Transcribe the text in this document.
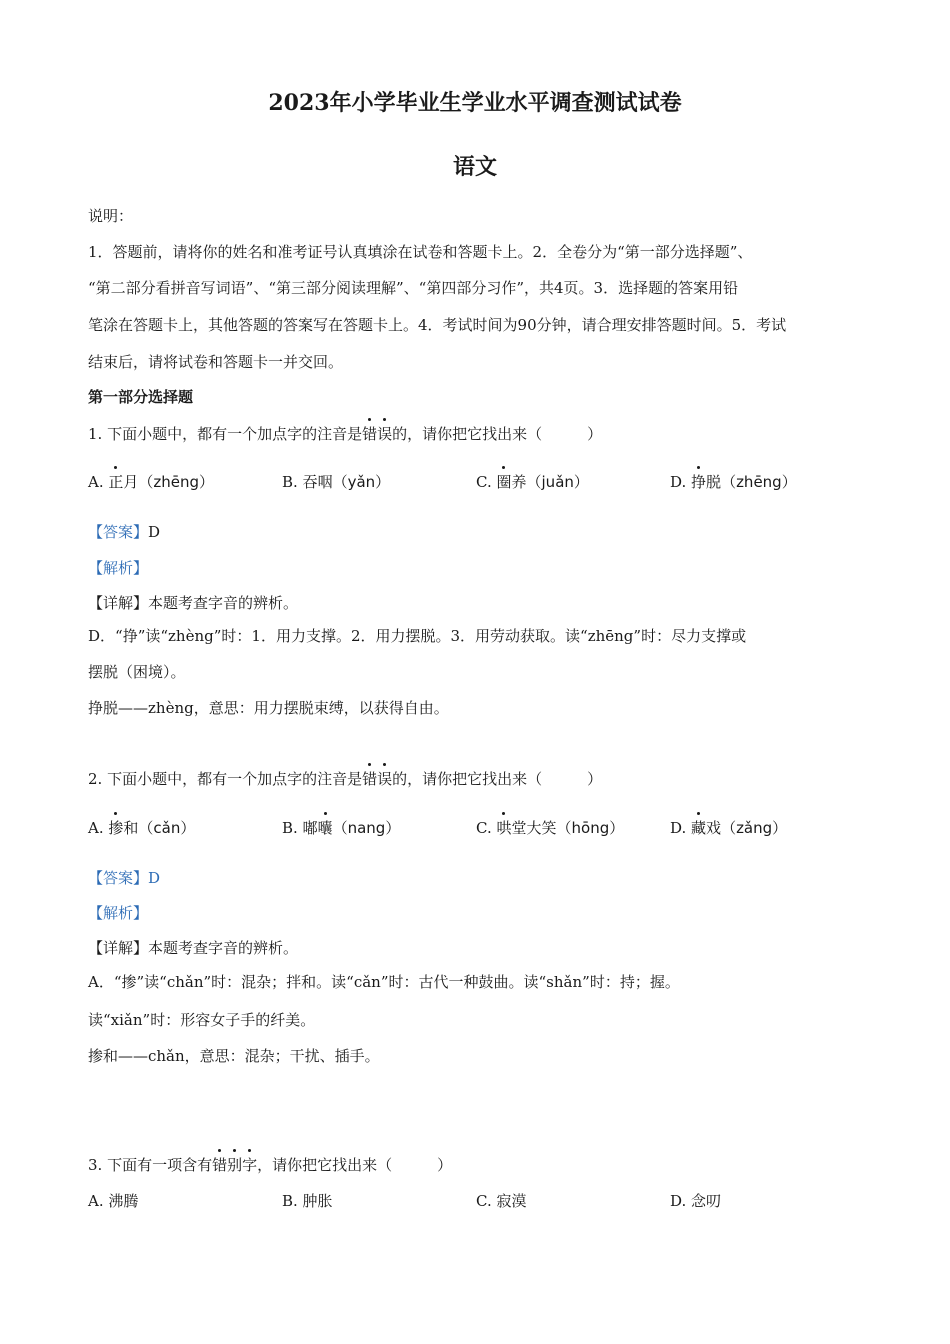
2023年小学毕业生学业水平调查测试试卷
语文
说明：
1．答题前，请将你的姓名和准考证号认真填涂在试卷和答题卡上。2．全卷分为“第一部分选择题”、
“第二部分看拼音写词语”、“第三部分阅读理解”、“第四部分习作”，共4页。3．选择题的答案用铅
笔涂在答题卡上，其他答题的答案写在答题卡上。4．考试时间为90分钟，请合理安排答题时间。5．考试
结束后，请将试卷和答题卡一并交回。
第一部分选择题
1. 下面小题中，都有一个加点字的注音是错误的，请你把它找出来（　　　）
A. 正月（zhēng）	B. 吞咽（yǎn）	C. 圈养（juǎn）	D. 挣脱（zhēng）
【答案】D
【解析】
【详解】本题考查字音的辨析。
D．“挣”读“zhèng”时：1．用力支撑。2．用力摆脱。3．用劳动获取。读“zhēng”时：尽力支撑或
摆脱（困境）。
挣脱——zhèng，意思：用力摆脱束缚，以获得自由。
2. 下面小题中，都有一个加点字的注音是错误的，请你把它找出来（　　　）
A. 掺和（cǎn）	B. 嘟囔（nang）	C. 哄堂大笑（hōng）	D. 藏戏（zǎng）
【答案】D
【解析】
【详解】本题考查字音的辨析。
A．“掺”读“chǎn”时：混杂；拌和。读“cǎn”时：古代一种鼓曲。读“shǎn”时：持；握。
读“xiǎn”时：形容女子手的纤美。
掺和——chǎn，意思：混杂；干扰、插手。
3. 下面有一项含有错别字，请你把它找出来（　　　）
A. 沸腾	B. 肿胀	C. 寂漠	D. 念叨
